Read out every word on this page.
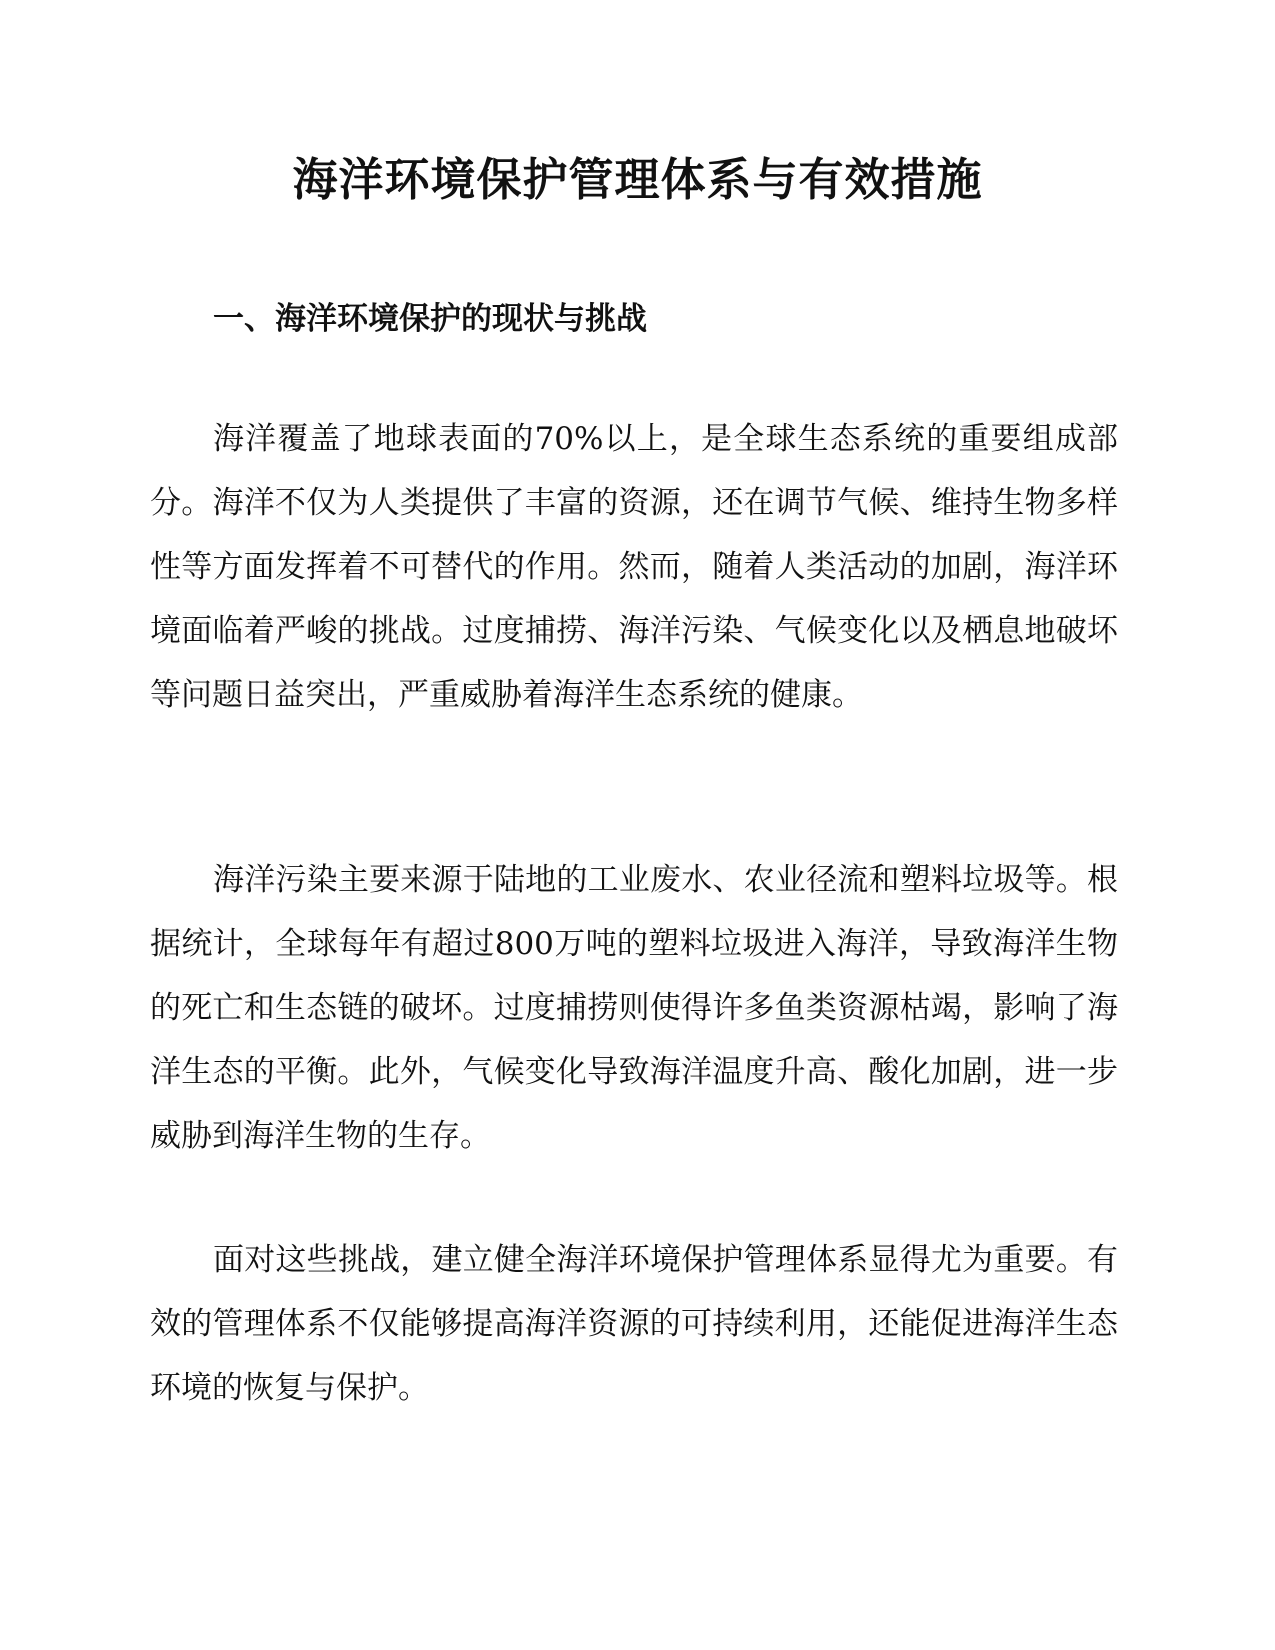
海洋环境保护管理体系与有效措施
一、海洋环境保护的现状与挑战

海洋覆盖了地球表面的70%以上，是全球生态系统的重要组成部分。海洋不仅为人类提供了丰富的资源，还在调节气候、维持生物多样性等方面发挥着不可替代的作用。然而，随着人类活动的加剧，海洋环境面临着严峻的挑战。过度捕捞、海洋污染、气候变化以及栖息地破坏等问题日益突出，严重威胁着海洋生态系统的健康。

海洋污染主要来源于陆地的工业废水、农业径流和塑料垃圾等。根据统计，全球每年有超过800万吨的塑料垃圾进入海洋，导致海洋生物的死亡和生态链的破坏。过度捕捞则使得许多鱼类资源枯竭，影响了海洋生态的平衡。此外，气候变化导致海洋温度升高、酸化加剧，进一步威胁到海洋生物的生存。

面对这些挑战，建立健全海洋环境保护管理体系显得尤为重要。有效的管理体系不仅能够提高海洋资源的可持续利用，还能促进海洋生态环境的恢复与保护。
